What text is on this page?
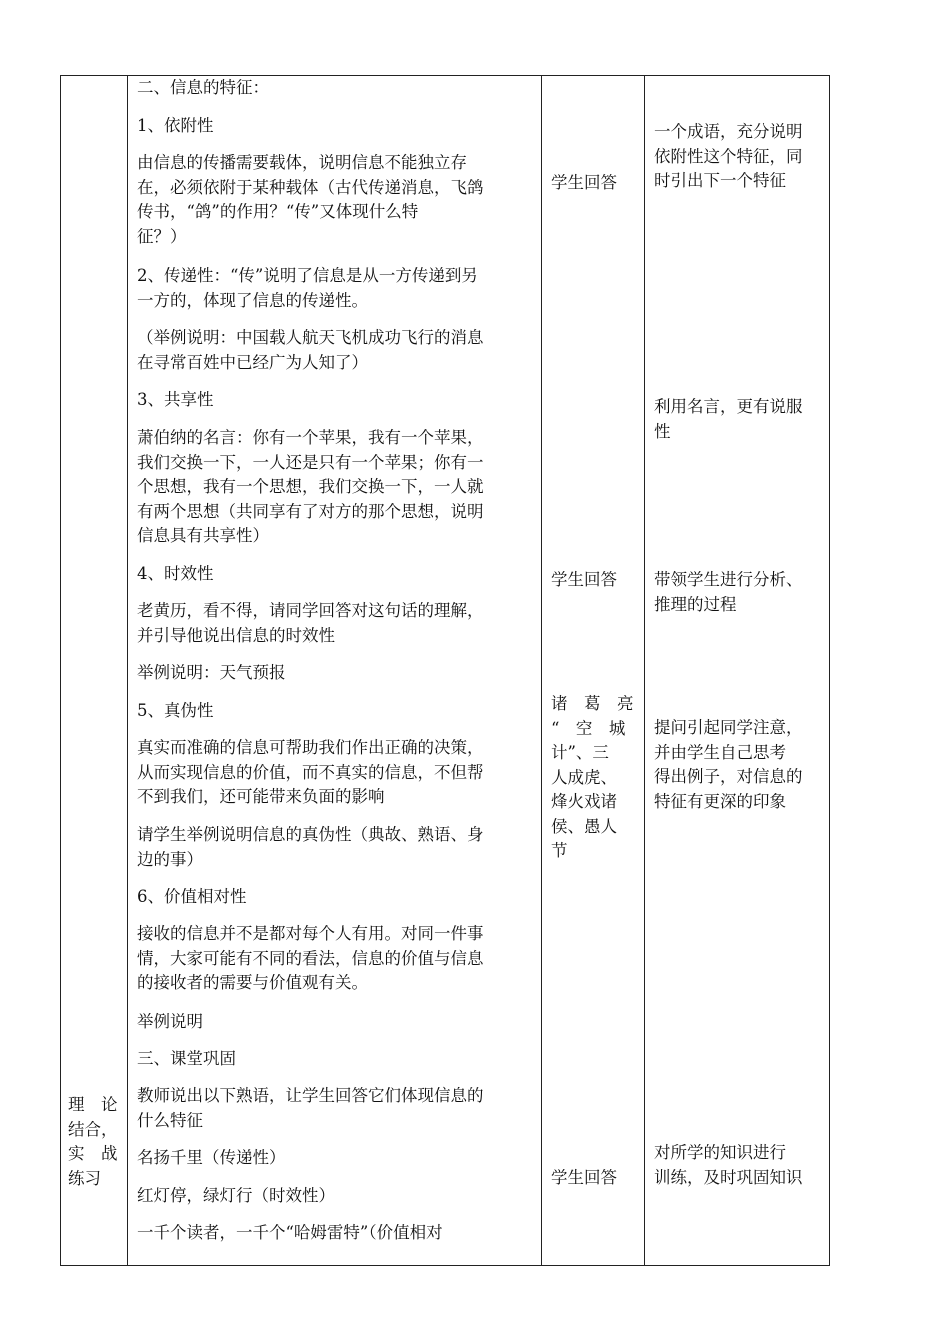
理　论
结合，
实　战
练习
二、信息的特征：
1、依附性
由信息的传播需要载体，说明信息不能独立存
在，必须依附于某种载体（古代传递消息，飞鸽
传书，“鸽”的作用？“传”又体现什么特
征？）
2、传递性：“传”说明了信息是从一方传递到另
一方的，体现了信息的传递性。
（举例说明：中国载人航天飞机成功飞行的消息
在寻常百姓中已经广为人知了）
3、共享性
萧伯纳的名言：你有一个苹果，我有一个苹果，
我们交换一下，一人还是只有一个苹果；你有一
个思想，我有一个思想，我们交换一下，一人就
有两个思想（共同享有了对方的那个思想，说明
信息具有共享性）
4、时效性
老黄历，看不得，请同学回答对这句话的理解，
并引导他说出信息的时效性
举例说明：天气预报
5、真伪性
真实而准确的信息可帮助我们作出正确的决策，
从而实现信息的价值，而不真实的信息，不但帮
不到我们，还可能带来负面的影响
请学生举例说明信息的真伪性（典故、熟语、身
边的事）
6、价值相对性
接收的信息并不是都对每个人有用。对同一件事
情，大家可能有不同的看法，信息的价值与信息
的接收者的需要与价值观有关。
举例说明
三、课堂巩固
教师说出以下熟语，让学生回答它们体现信息的
什么特征
名扬千里（传递性）
红灯停，绿灯行（时效性）
一千个读者，一千个“哈姆雷特”（价值相对
学生回答
学生回答
诸　葛　亮
“　空　城
计”、三
人成虎、
烽火戏诸
侯、愚人
节
学生回答
一个成语，充分说明
依附性这个特征，同
时引出下一个特征
利用名言，更有说服
性
带领学生进行分析、
推理的过程
提问引起同学注意，
并由学生自己思考
得出例子，对信息的
特征有更深的印象
对所学的知识进行
训练，及时巩固知识
